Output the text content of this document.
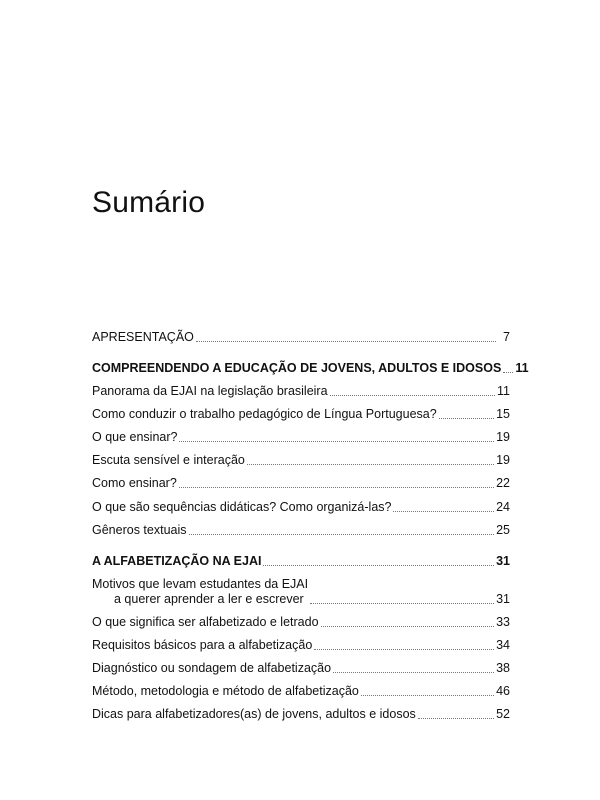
Sumário
APRESENTAÇÃO	7
COMPREENDENDO A EDUCAÇÃO DE JOVENS, ADULTOS E IDOSOS 11
Panorama da EJAI na legislação brasileira	11
Como conduzir o trabalho pedagógico de Língua Portuguesa?	15
O que ensinar?	19
Escuta sensível e interação	19
Como ensinar?	22
O que são sequências didáticas? Como organizá-las?	24
Gêneros textuais	25
A ALFABETIZAÇÃO NA EJAI	31
Motivos que levam estudantes da EJAI
a querer aprender a ler e escrever	31
O que significa ser alfabetizado e letrado	33
Requisitos básicos para a alfabetização	34
Diagnóstico ou sondagem de alfabetização	38
Método, metodologia e método de alfabetização	46
Dicas para alfabetizadores(as) de jovens, adultos e idosos	52
